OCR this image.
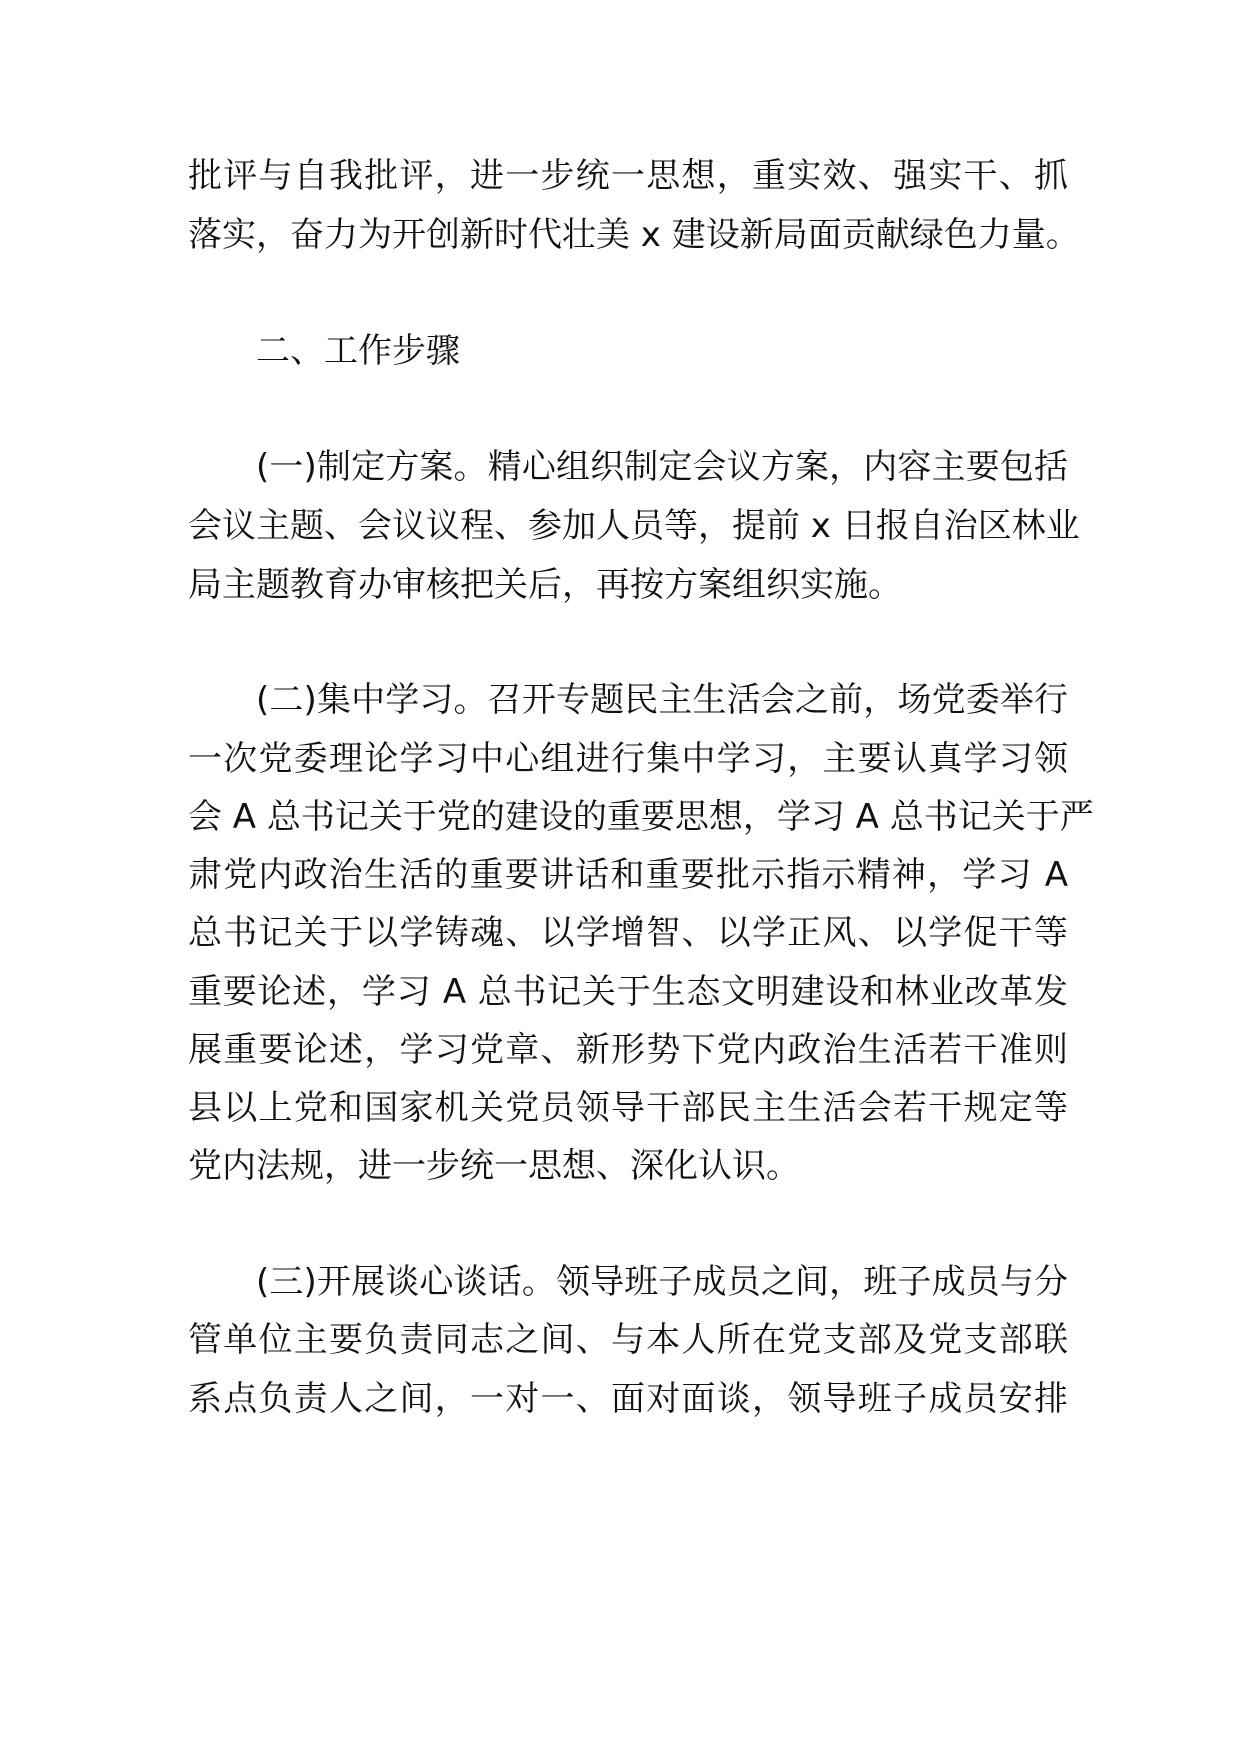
批评与自我批评，进一步统一思想，重实效、强实干、抓
落实，奋力为开创新时代壮美 x 建设新局面贡献绿色力量。
二、工作步骤
(一)制定方案。精心组织制定会议方案，内容主要包括
会议主题、会议议程、参加人员等，提前 x 日报自治区林业
局主题教育办审核把关后，再按方案组织实施。
(二)集中学习。召开专题民主生活会之前，场党委举行
一次党委理论学习中心组进行集中学习，主要认真学习领
会 A 总书记关于党的建设的重要思想，学习 A 总书记关于严
肃党内政治生活的重要讲话和重要批示指示精神，学习 A
总书记关于以学铸魂、以学增智、以学正风、以学促干等
重要论述，学习 A 总书记关于生态文明建设和林业改革发
展重要论述，学习党章、新形势下党内政治生活若干准则
县以上党和国家机关党员领导干部民主生活会若干规定等
党内法规，进一步统一思想、深化认识。
(三)开展谈心谈话。领导班子成员之间，班子成员与分
管单位主要负责同志之间、与本人所在党支部及党支部联
系点负责人之间，一对一、面对面谈，领导班子成员安排
